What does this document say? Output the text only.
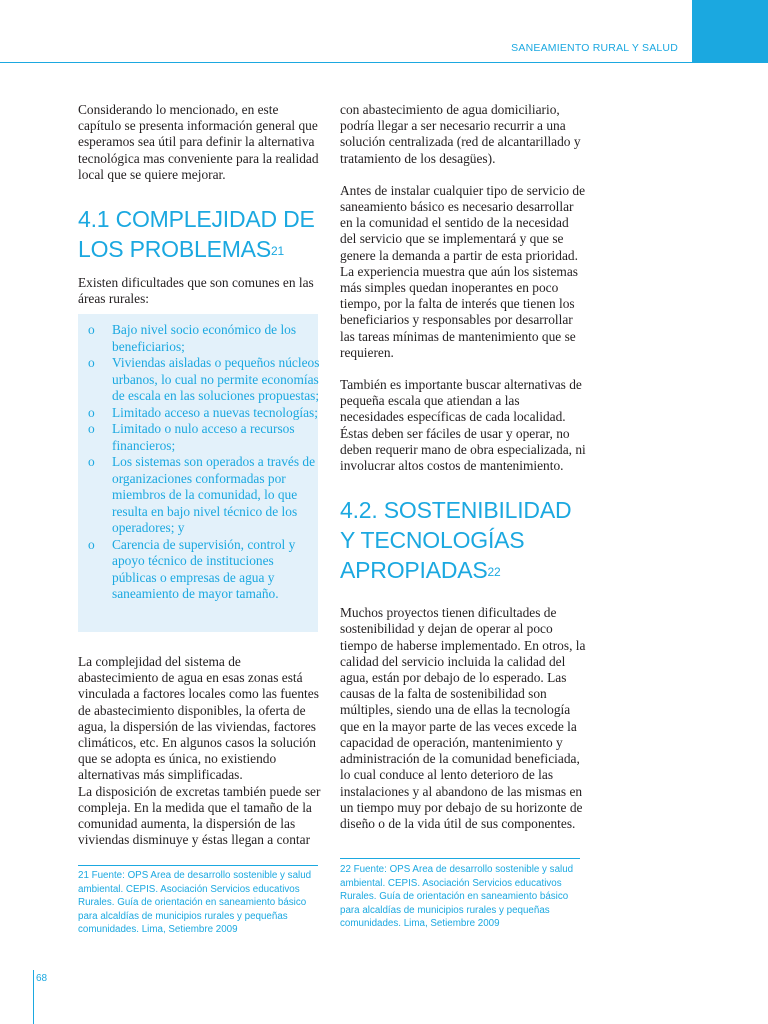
SANEAMIENTO RURAL Y SALUD

Considerando lo mencionado, en este capítulo se presenta información general que esperamos sea útil para definir la alternativa tecnológica mas conveniente para la realidad local que se quiere mejorar.

4.1 COMPLEJIDAD DE LOS PROBLEMAS$^{21}$

Existen dificultades que son comunes en las áreas rurales:

o Bajo nivel socio económico de los beneficiarios;
o Viviendas aisladas o pequeños núcleos urbanos, lo cual no permite economías de escala en las soluciones propuestas;
o Limitado acceso a nuevas tecnologías;
o Limitado o nulo acceso a recursos financieros;
o Los sistemas son operados a través de organizaciones conformadas por miembros de la comunidad, lo que resulta en bajo nivel técnico de los operadores; y
o Carencia de supervisión, control y apoyo técnico de instituciones públicas o empresas de agua y saneamiento de mayor tamaño.

La complejidad del sistema de abastecimiento de agua en esas zonas está vinculada a factores locales como las fuentes de abastecimiento disponibles, la oferta de agua, la dispersión de las viviendas, factores climáticos, etc. En algunos casos la solución que se adopta es única, no existiendo alternativas más simplificadas.

La disposición de excretas también puede ser compleja. En la medida que el tamaño de la comunidad aumenta, la dispersión de las viviendas disminuye y éstas llegan a contar

21 Fuente: OPS Area de desarrollo sostenible y salud ambiental. CEPIS. Asociación Servicios educativos Rurales. Guía de orientación en saneamiento básico para alcaldías de municipios rurales y pequeñas comunidades. Lima, Setiembre 2009

con abastecimiento de agua domiciliario, podría llegar a ser necesario recurrir a una solución centralizada (red de alcantarillado y tratamiento de los desagües).

Antes de instalar cualquier tipo de servicio de saneamiento básico es necesario desarrollar en la comunidad el sentido de la necesidad del servicio que se implementará y que se genere la demanda a partir de esta prioridad. La experiencia muestra que aún los sistemas más simples quedan inoperantes en poco tiempo, por la falta de interés que tienen los beneficiarios y responsables por desarrollar las tareas mínimas de mantenimiento que se requieren.

También es importante buscar alternativas de pequeña escala que atiendan a las necesidades específicas de cada localidad. Éstas deben ser fáciles de usar y operar, no deben requerir mano de obra especializada, ni involucrar altos costos de mantenimiento.

4.2. SOSTENIBILIDAD Y TECNOLOGÍAS APROPIADAS$^{22}$

Muchos proyectos tienen dificultades de sostenibilidad y dejan de operar al poco tiempo de haberse implementado. En otros, la calidad del servicio incluida la calidad del agua, están por debajo de lo esperado. Las causas de la falta de sostenibilidad son múltiples, siendo una de ellas la tecnología que en la mayor parte de las veces excede la capacidad de operación, mantenimiento y administración de la comunidad beneficiada, lo cual conduce al lento deterioro de las instalaciones y al abandono de las mismas en un tiempo muy por debajo de su horizonte de diseño o de la vida útil de sus componentes.

22 Fuente: OPS Area de desarrollo sostenible y salud ambiental. CEPIS. Asociación Servicios educativos Rurales. Guía de orientación en saneamiento básico para alcaldías de municipios rurales y pequeñas comunidades. Lima, Setiembre 2009
68
